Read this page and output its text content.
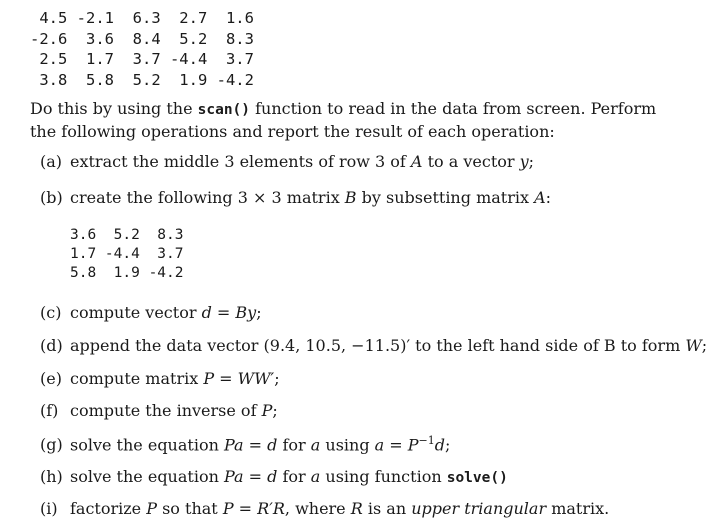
4.5 -2.1  6.3  2.7  1.6
-2.6  3.6  8.4  5.2  8.3
2.5  1.7  3.7 -4.4  3.7
3.8  5.8  5.2  1.9 -4.2

Do this by using the scan() function to read in the data from screen. Perform the following operations and report the result of each operation:

(a) extract the middle 3 elements of row 3 of A to a vector y;
(b) create the following 3 × 3 matrix B by subsetting matrix A:
3.6  5.2  8.3
1.7 -4.4  3.7
5.8  1.9 -4.2
(c) compute vector d = By;
(d) append the data vector (9.4, 10.5, −11.5)′ to the left hand side of B to form W;
(e) compute matrix P = WW′;
(f) compute the inverse of P;
(g) solve the equation Pa = d for a using $a = P^{-1}d$;
(h) solve the equation Pa = d for a using function solve()
(i) factorize P so that P = R′R, where R is an upper triangular matrix.
